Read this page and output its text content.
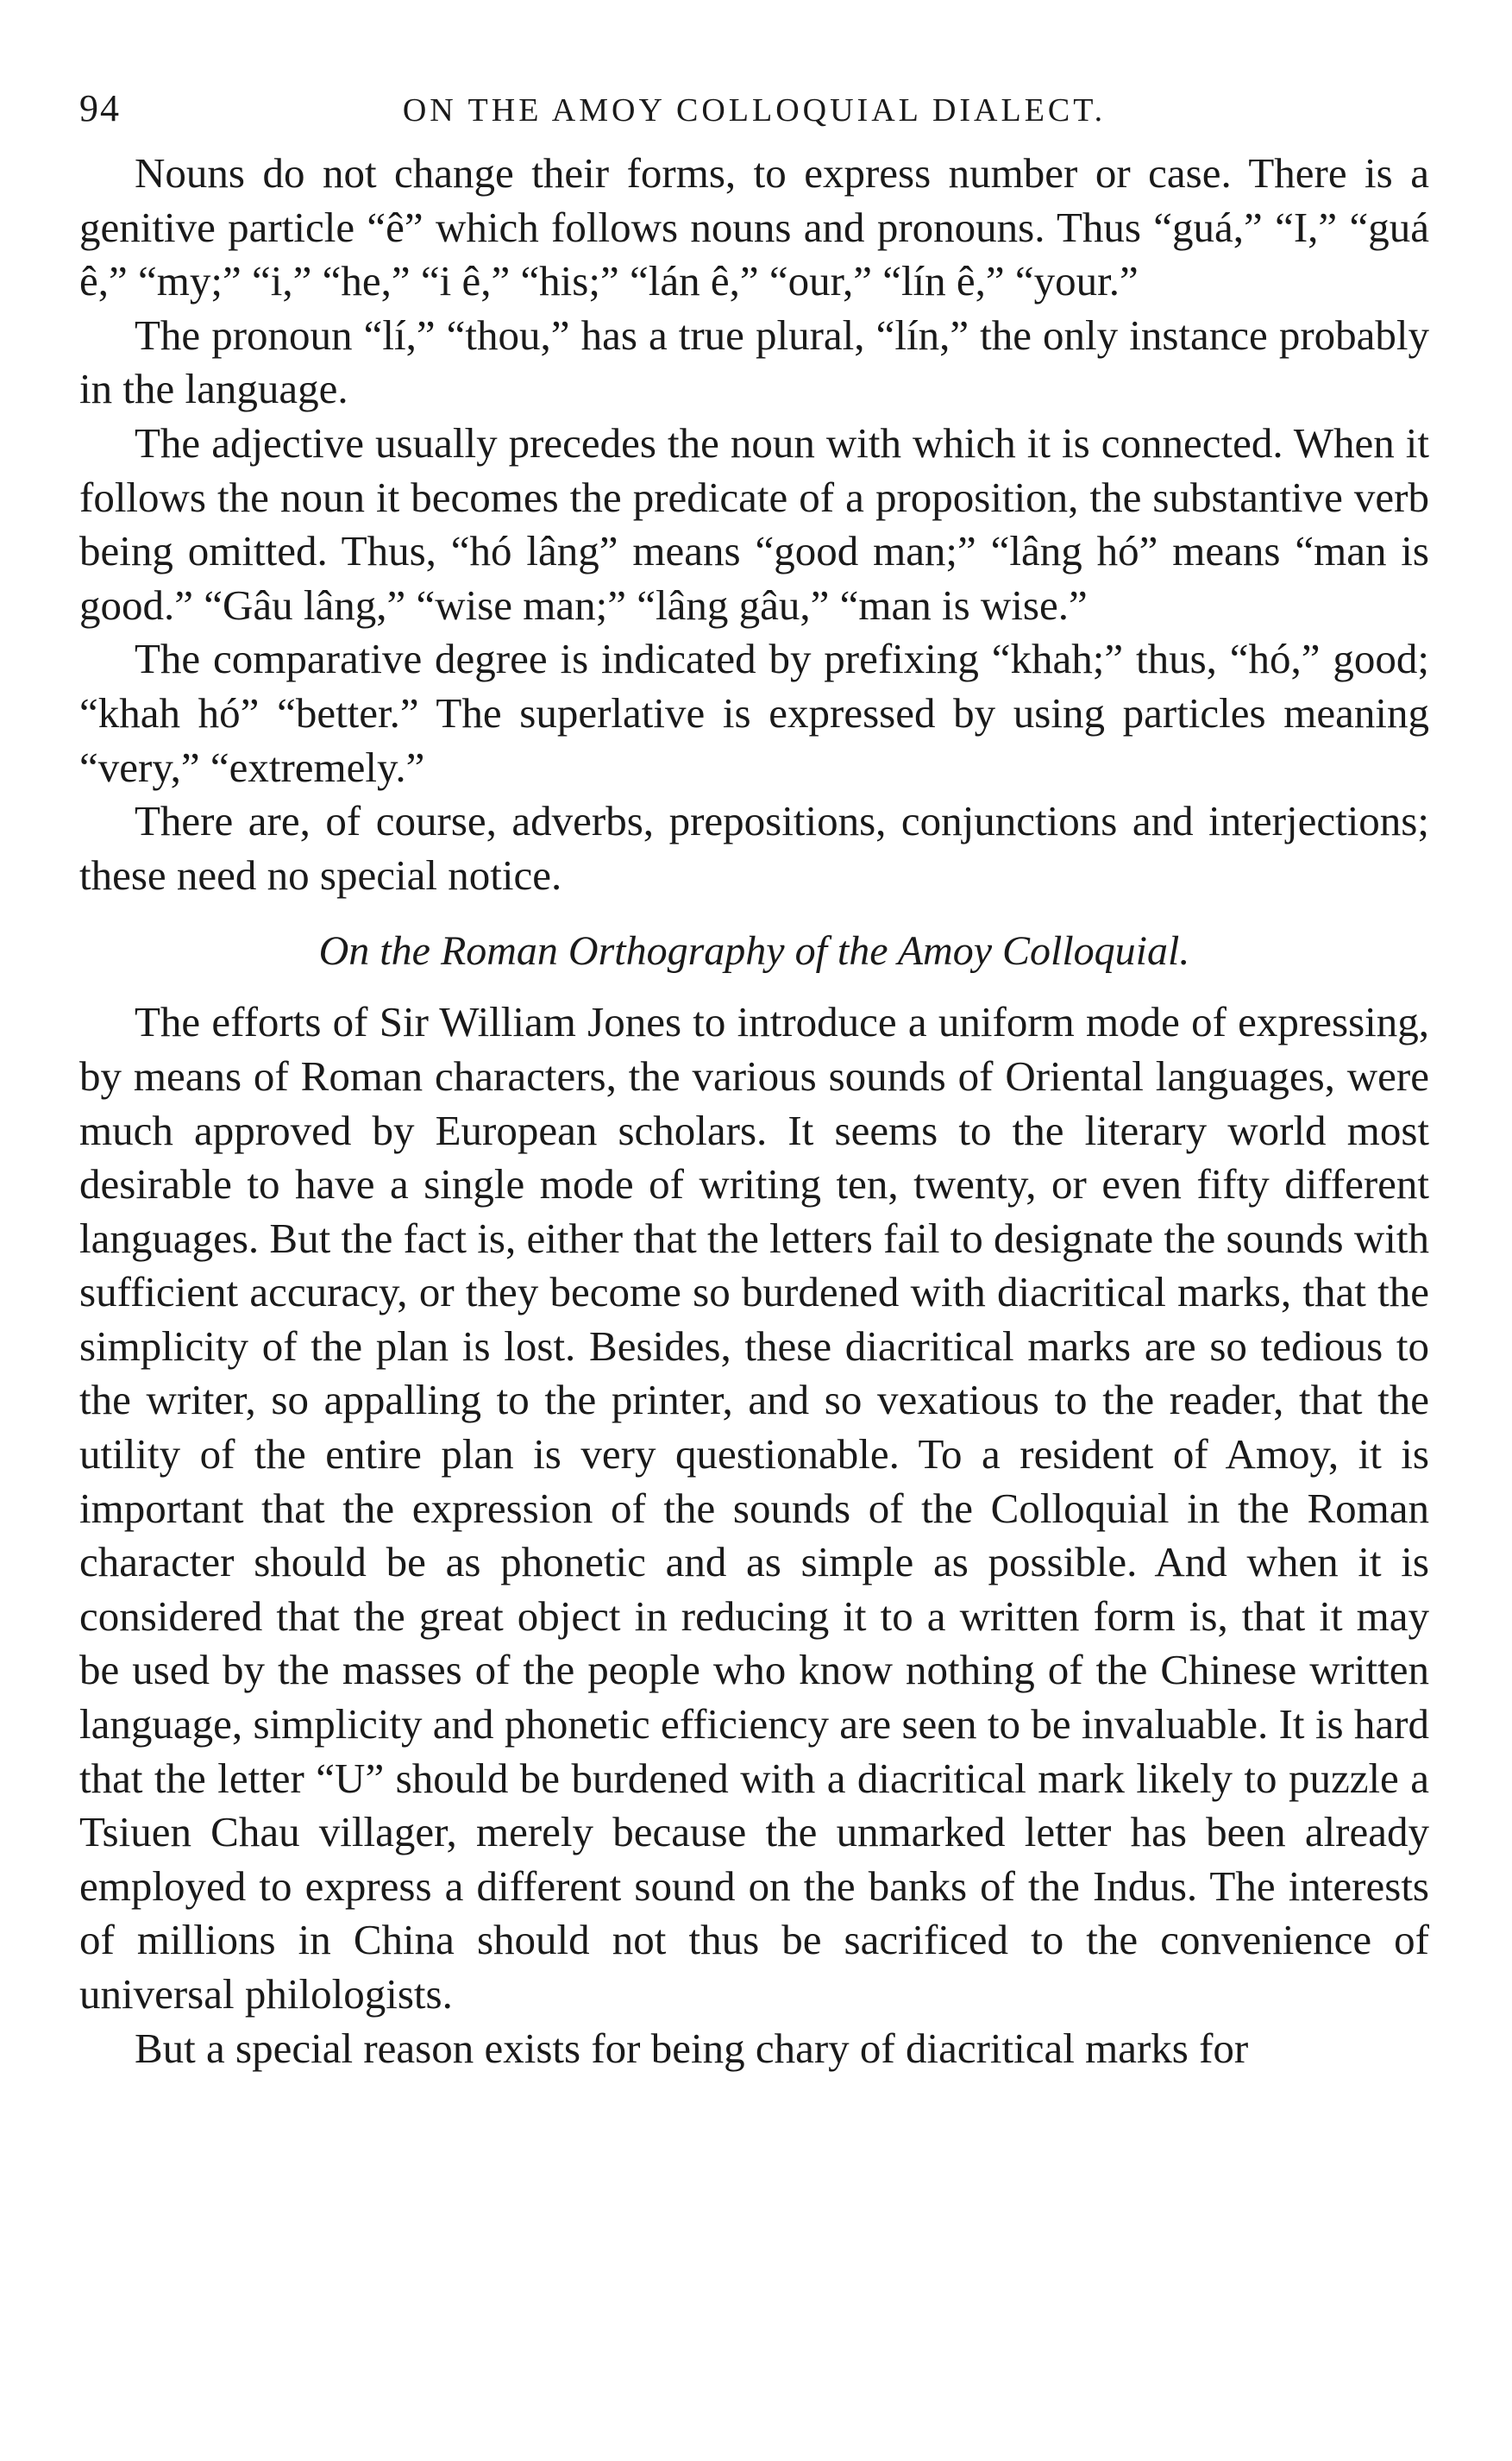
94	ON THE AMOY COLLOQUIAL DIALECT.

Nouns do not change their forms, to express number or case. There is a genitive particle “ê” which follows nouns and pronouns. Thus “guá,” “I,” “guá ê,” “my;” “i,” “he,” “i ê,” “his;” “lán ê,” “our,” “lín ê,” “your.”

The pronoun “lí,” “thou,” has a true plural, “lín,” the only instance probably in the language.

The adjective usually precedes the noun with which it is connected. When it follows the noun it becomes the predicate of a proposition, the substantive verb being omitted. Thus, “hó lâng” means “good man;” “lâng hó” means “man is good.” “Gâu lâng,” “wise man;” “lâng gâu,” “man is wise.”

The comparative degree is indicated by prefixing “khah;” thus, “hó,” good; “khah hó” “better.” The superlative is expressed by using particles meaning “very,” “extremely.”

There are, of course, adverbs, prepositions, conjunctions and interjections; these need no special notice.

On the Roman Orthography of the Amoy Colloquial.

The efforts of Sir William Jones to introduce a uniform mode of expressing, by means of Roman characters, the various sounds of Oriental languages, were much approved by European scholars. It seems to the literary world most desirable to have a single mode of writing ten, twenty, or even fifty different languages. But the fact is, either that the letters fail to designate the sounds with sufficient accuracy, or they become so burdened with diacritical marks, that the simplicity of the plan is lost. Besides, these diacritical marks are so tedious to the writer, so appalling to the printer, and so vexatious to the reader, that the utility of the entire plan is very questionable. To a resident of Amoy, it is important that the expression of the sounds of the Colloquial in the Roman character should be as phonetic and as simple as possible. And when it is considered that the great object in reducing it to a written form is, that it may be used by the masses of the people who know nothing of the Chinese written language, simplicity and phonetic efficiency are seen to be invaluable. It is hard that the letter “U” should be burdened with a diacritical mark likely to puzzle a Tsiuen Chau villager, merely because the unmarked letter has been already employed to express a different sound on the banks of the Indus. The interests of millions in China should not thus be sacrificed to the convenience of universal philologists.

But a special reason exists for being chary of diacritical marks for
